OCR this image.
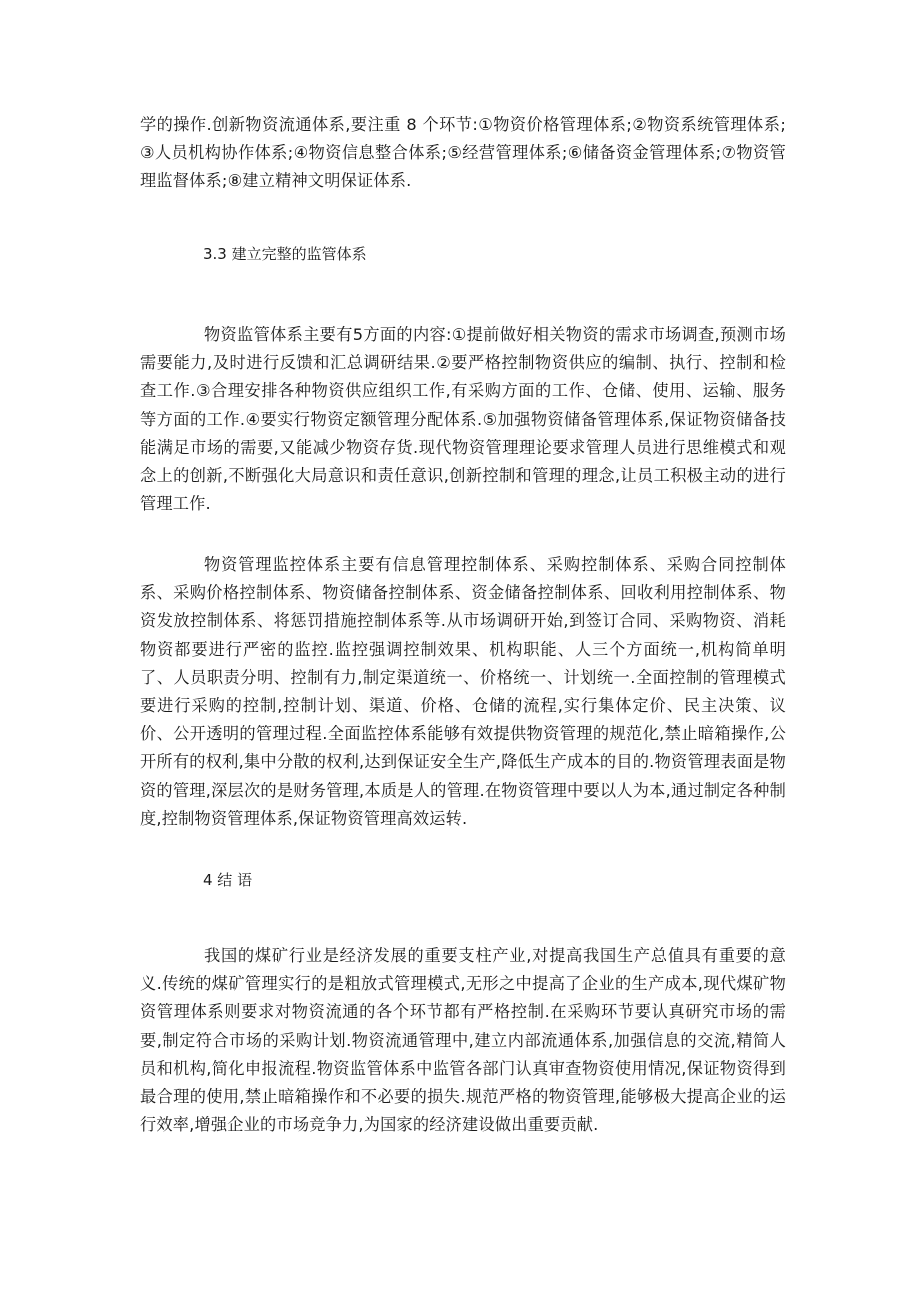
学的操作.创新物资流通体系,要注重 8 个环节:①物资价格管理体系;②物资系统管理体系;③人员机构协作体系;④物资信息整合体系;⑤经营管理体系;⑥储备资金管理体系;⑦物资管理监督体系;⑧建立精神文明保证体系.

3.3 建立完整的监管体系

物资监管体系主要有5方面的内容:①提前做好相关物资的需求市场调查,预测市场需要能力,及时进行反馈和汇总调研结果.②要严格控制物资供应的编制、执行、控制和检查工作.③合理安排各种物资供应组织工作,有采购方面的工作、仓储、使用、运输、服务等方面的工作.④要实行物资定额管理分配体系.⑤加强物资储备管理体系,保证物资储备技能满足市场的需要,又能减少物资存货.现代物资管理理论要求管理人员进行思维模式和观念上的创新,不断强化大局意识和责任意识,创新控制和管理的理念,让员工积极主动的进行管理工作.

物资管理监控体系主要有信息管理控制体系、采购控制体系、采购合同控制体系、采购价格控制体系、物资储备控制体系、资金储备控制体系、回收利用控制体系、物资发放控制体系、将惩罚措施控制体系等.从市场调研开始,到签订合同、采购物资、消耗物资都要进行严密的监控.监控强调控制效果、机构职能、人三个方面统一,机构简单明了、人员职责分明、控制有力,制定渠道统一、价格统一、计划统一.全面控制的管理模式要进行采购的控制,控制计划、渠道、价格、仓储的流程,实行集体定价、民主决策、议价、公开透明的管理过程.全面监控体系能够有效提供物资管理的规范化,禁止暗箱操作,公开所有的权利,集中分散的权利,达到保证安全生产,降低生产成本的目的.物资管理表面是物资的管理,深层次的是财务管理,本质是人的管理.在物资管理中要以人为本,通过制定各种制度,控制物资管理体系,保证物资管理高效运转.

4 结 语

我国的煤矿行业是经济发展的重要支柱产业,对提高我国生产总值具有重要的意义.传统的煤矿管理实行的是粗放式管理模式,无形之中提高了企业的生产成本,现代煤矿物资管理体系则要求对物资流通的各个环节都有严格控制.在采购环节要认真研究市场的需要,制定符合市场的采购计划.物资流通管理中,建立内部流通体系,加强信息的交流,精简人员和机构,简化申报流程.物资监管体系中监管各部门认真审查物资使用情况,保证物资得到最合理的使用,禁止暗箱操作和不必要的损失.规范严格的物资管理,能够极大提高企业的运行效率,增强企业的市场竞争力,为国家的经济建设做出重要贡献.
